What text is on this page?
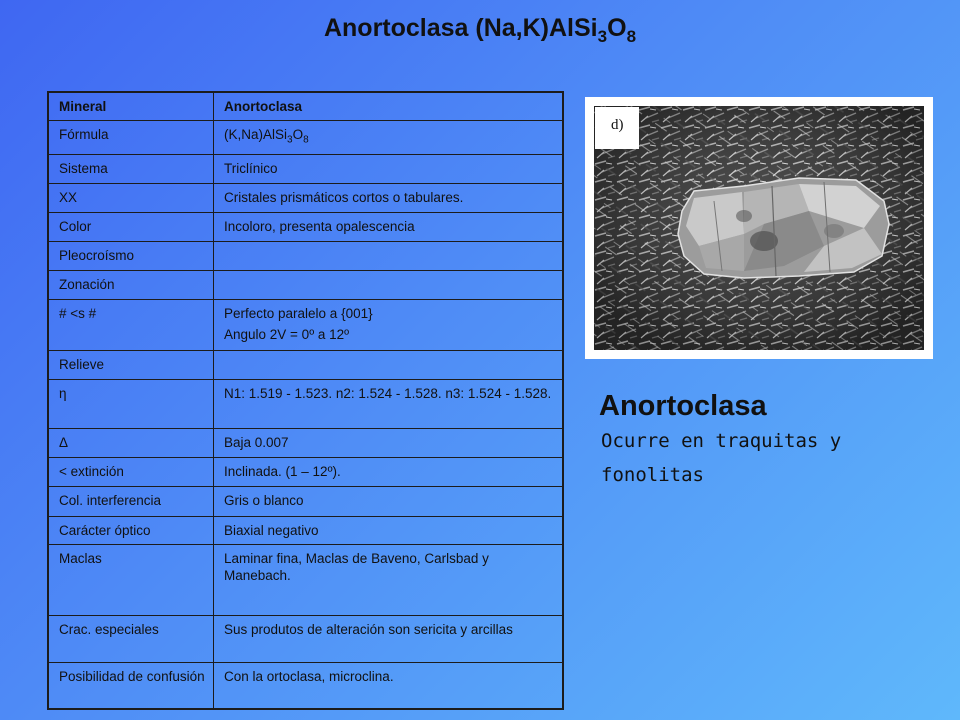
Anortoclasa $(Na,K)AlSi_3O_8$
Mineral	Anortoclasa
Fórmula	$(K,Na)AlSi_3O_8$
Sistema	Triclínico
XX	Cristales prismáticos cortos o tabulares.
Color	Incoloro, presenta opalescencia
Pleocroísmo	
Zonación	
# <s #	Perfecto paralelo a {001}
Angulo 2V = 0º a 12º

Relieve	
η	N1: 1.519 - 1.523. n2: 1.524 - 1.528. n3: 1.524 - 1.528.
Δ	Baja 0.007
< extinción	Inclinada. (1 – 12º).
Col. interferencia	Gris o blanco
Carácter óptico	Biaxial negativo
Maclas	Laminar fina, Maclas de Baveno, Carlsbad y Manebach.
Crac. especiales	Sus produtos de alteración son sericita y arcillas
Posibilidad de confusión	Con la ortoclasa, microclina.
d)
Anortoclasa
Ocurre en traquitas y fonolitas
